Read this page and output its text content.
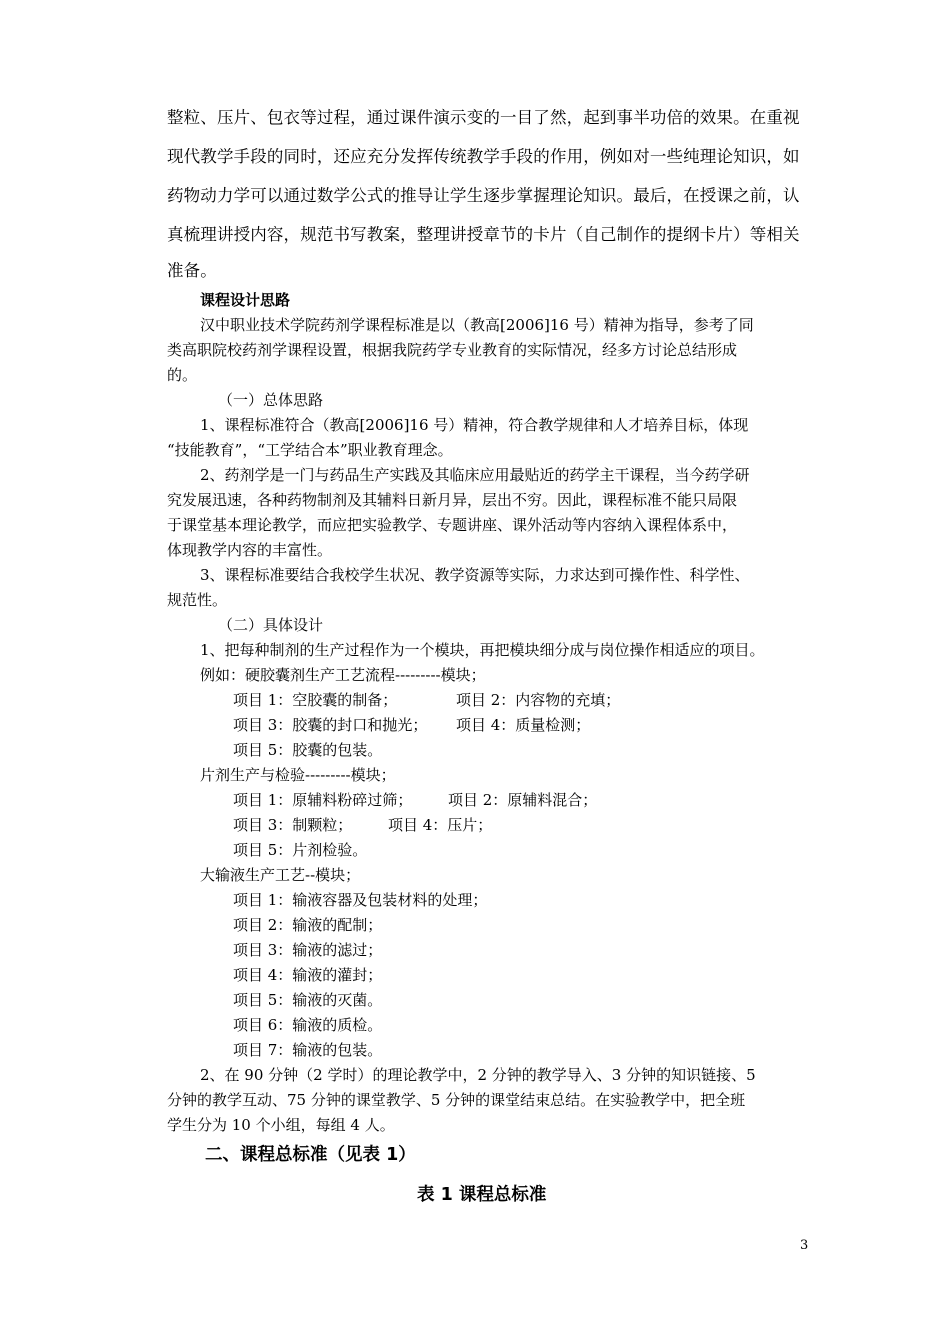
整粒、压片、包衣等过程，通过课件演示变的一目了然，起到事半功倍的效果。在重视
现代教学手段的同时，还应充分发挥传统教学手段的作用，例如对一些纯理论知识，如
药物动力学可以通过数学公式的推导让学生逐步掌握理论知识。最后，在授课之前，认
真梳理讲授内容，规范书写教案，整理讲授章节的卡片（自己制作的提纲卡片）等相关
准备。
课程设计思路
汉中职业技术学院药剂学课程标准是以（教高[2006]16 号）精神为指导，参考了同
类高职院校药剂学课程设置，根据我院药学专业教育的实际情况，经多方讨论总结形成
的。
（一）总体思路
1、课程标准符合（教高[2006]16 号）精神，符合教学规律和人才培养目标，体现
“技能教育”，“工学结合本”职业教育理念。
2、药剂学是一门与药品生产实践及其临床应用最贴近的药学主干课程，当今药学研
究发展迅速，各种药物制剂及其辅料日新月异，层出不穷。因此，课程标准不能只局限
于课堂基本理论教学，而应把实验教学、专题讲座、课外活动等内容纳入课程体系中，
体现教学内容的丰富性。
3、课程标准要结合我校学生状况、教学资源等实际，力求达到可操作性、科学性、
规范性。
（二）具体设计
1、把每种制剂的生产过程作为一个模块，再把模块细分成与岗位操作相适应的项目。
例如：硬胶囊剂生产工艺流程---------模块；
项目 1：空胶囊的制备；	项目 2：内容物的充填；
项目 3：胶囊的封口和抛光； 项目 4：质量检测；
项目 5：胶囊的包装。
片剂生产与检验---------模块；
项目 1：原辅料粉碎过筛； 项目 2：原辅料混合；
项目 3：制颗粒； 项目 4：压片；
项目 5：片剂检验。
大输液生产工艺--模块；
项目 1：输液容器及包装材料的处理；
项目 2：输液的配制；
项目 3：输液的滤过；
项目 4：输液的灌封；
项目 5：输液的灭菌。
项目 6：输液的质检。
项目 7：输液的包装。
2、在 90 分钟（2 学时）的理论教学中，2 分钟的教学导入、3 分钟的知识链接、5
分钟的教学互动、75 分钟的课堂教学、5 分钟的课堂结束总结。在实验教学中，把全班
学生分为 10 个小组，每组 4 人。
二、课程总标准（见表 1）
表 1 课程总标准
3
